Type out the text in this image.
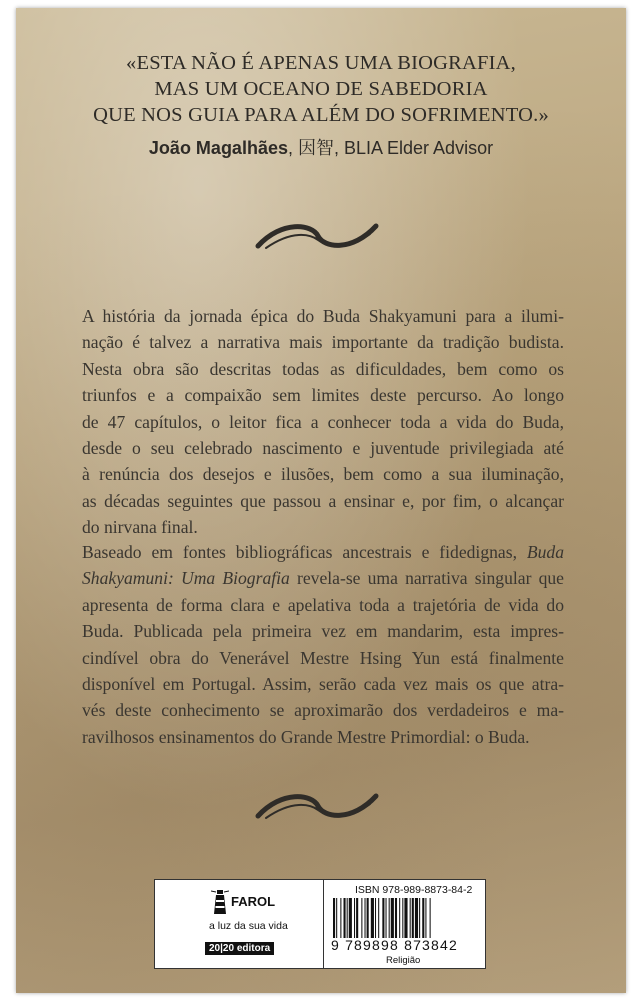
«ESTA NÃO É APENAS UMA BIOGRAFIA,
MAS UM OCEANO DE SABEDORIA
QUE NOS GUIA PARA ALÉM DO SOFRIMENTO.»
João Magalhães, 因智, BLIA Elder Advisor
A história da jornada épica do Buda Shakyamuni para a ilumi-
nação é talvez a narrativa mais importante da tradição budista.
Nesta obra são descritas todas as dificuldades, bem como os
triunfos e a compaixão sem limites deste percurso. Ao longo
de 47 capítulos, o leitor fica a conhecer toda a vida do Buda,
desde o seu celebrado nascimento e juventude privilegiada até
à renúncia dos desejos e ilusões, bem como a sua iluminação,
as décadas seguintes que passou a ensinar e, por fim, o alcançar
do nirvana final.
Baseado em fontes bibliográficas ancestrais e fidedignas, Buda
Shakyamuni: Uma Biografia revela-se uma narrativa singular que
apresenta de forma clara e apelativa toda a trajetória de vida do
Buda. Publicada pela primeira vez em mandarim, esta impres-
cindível obra do Venerável Mestre Hsing Yun está finalmente
disponível em Portugal. Assim, serão cada vez mais os que atra-
vés deste conhecimento se aproximarão dos verdadeiros e ma-
ravilhosos ensinamentos do Grande Mestre Primordial: o Buda.
FAROL
a luz da sua vida
20|20 editora
ISBN 978-989-8873-84-2
9 789898 873842
Religião
